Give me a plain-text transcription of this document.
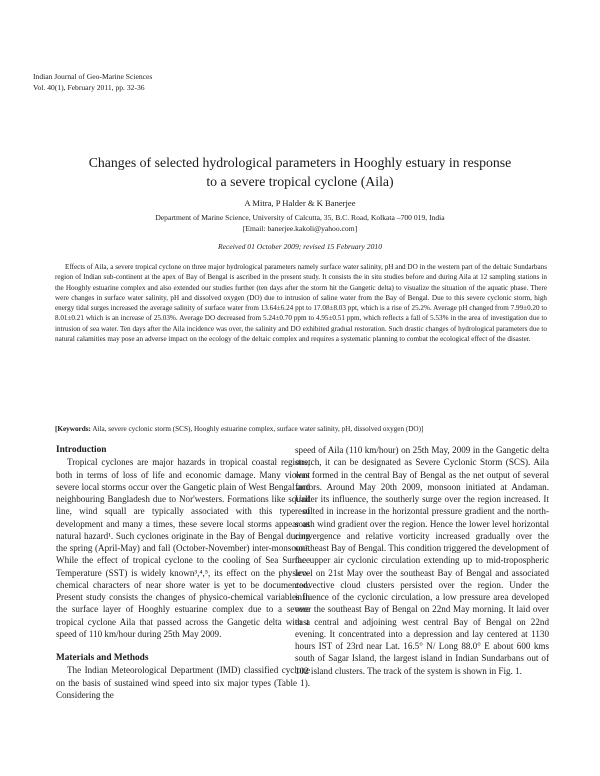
Indian Journal of Geo-Marine Sciences
Vol. 40(1), February 2011, pp. 32-36
Changes of selected hydrological parameters in Hooghly estuary in response
to a severe tropical cyclone (Aila)
A Mitra, P Halder & K Banerjee
Department of Marine Science, University of Calcutta, 35, B.C. Road, Kolkata –700 019, India
[Email: banerjee.kakoli@yahoo.com]
Received 01 October 2009; revised 15 February 2010
Effects of Aila, a severe tropical cyclone on three major hydrological parameters namely surface water salinity, pH and DO in the western part of the deltaic Sundarbans region of Indian sub-continent at the apex of Bay of Bengal is ascribed in the present study. It consists the in situ studies before and during Aila at 12 sampling stations in the Hooghly estuarine complex and also extended our studies further (ten days after the storm hit the Gangetic delta) to visualize the situation of the aquatic phase. There were changes in surface water salinity, pH and dissolved oxygen (DO) due to intrusion of saline water from the Bay of Bengal. Due to this severe cyclonic storm, high energy tidal surges increased the average salinity of surface water from 13.64±6.24 ppt to 17.08±8.03 ppt, which is a rise of 25.2%. Average pH changed from 7.99±0.20 to 8.01±0.21 which is an increase of 25.03%. Average DO decreased from 5.24±0.70 ppm to 4.95±0.51 ppm, which reflects a fall of 5.53% in the area of investigation due to intrusion of sea water. Ten days after the Aila incidence was over, the salinity and DO exhibited gradual restoration. Such drastic changes of hydrological parameters due to natural calamities may pose an adverse impact on the ecology of the deltaic complex and requires a systematic planning to combat the ecological effect of the disaster.
[Keywords: Aila, severe cyclonic storm (SCS), Hooghly estuarine complex, surface water salinity, pH, dissolved oxygen (DO)]
Introduction

Tropical cyclones are major hazards in tropical coastal regions, both in terms of loss of life and economic damage. Many violent severe local storms occur over the Gangetic plain of West Bengal and neighbouring Bangladesh due to Nor'westers. Formations like squall line, wind squall are typically associated with this type of development and many a times, these severe local storms appear as natural hazard¹. Such cyclones originate in the Bay of Bengal during the spring (April-May) and fall (October-November) inter-monsoon². While the effect of tropical cyclone to the cooling of Sea Surface Temperature (SST) is widely known³,⁴,⁵, its effect on the physico-chemical characters of near shore water is yet to be documented. Present study consists the changes of physico-chemical variables in the surface layer of Hooghly estuarine complex due to a severe tropical cyclone Aila that passed across the Gangetic delta with a speed of 110 km/hour during 25th May 2009.

Materials and Methods

The Indian Meteorological Department (IMD) classified cyclone on the basis of sustained wind speed into six major types (Table 1). Considering the

speed of Aila (110 km/hour) on 25th May, 2009 in the Gangetic delta stretch, it can be designated as Severe Cyclonic Storm (SCS). Aila was formed in the central Bay of Bengal as the net output of several factors. Around May 20th 2009, monsoon initiated at Andaman. Under its influence, the southerly surge over the region increased. It resulted in increase in the horizontal pressure gradient and the north-south wind gradient over the region. Hence the lower level horizontal convergence and relative vorticity increased gradually over the southeast Bay of Bengal. This condition triggered the development of the upper air cyclonic circulation extending up to mid-tropospheric level on 21st May over the southeast Bay of Bengal and associated convective cloud clusters persisted over the region. Under the influence of the cyclonic circulation, a low pressure area developed over the southeast Bay of Bengal on 22nd May morning. It laid over east central and adjoining west central Bay of Bengal on 22nd evening. It concentrated into a depression and lay centered at 1130 hours IST of 23rd near Lat. 16.5° N/ Long 88.0° E about 600 kms south of Sagar Island, the largest island in Indian Sundarbans out of 102 island clusters. The track of the system is shown in Fig. 1.
